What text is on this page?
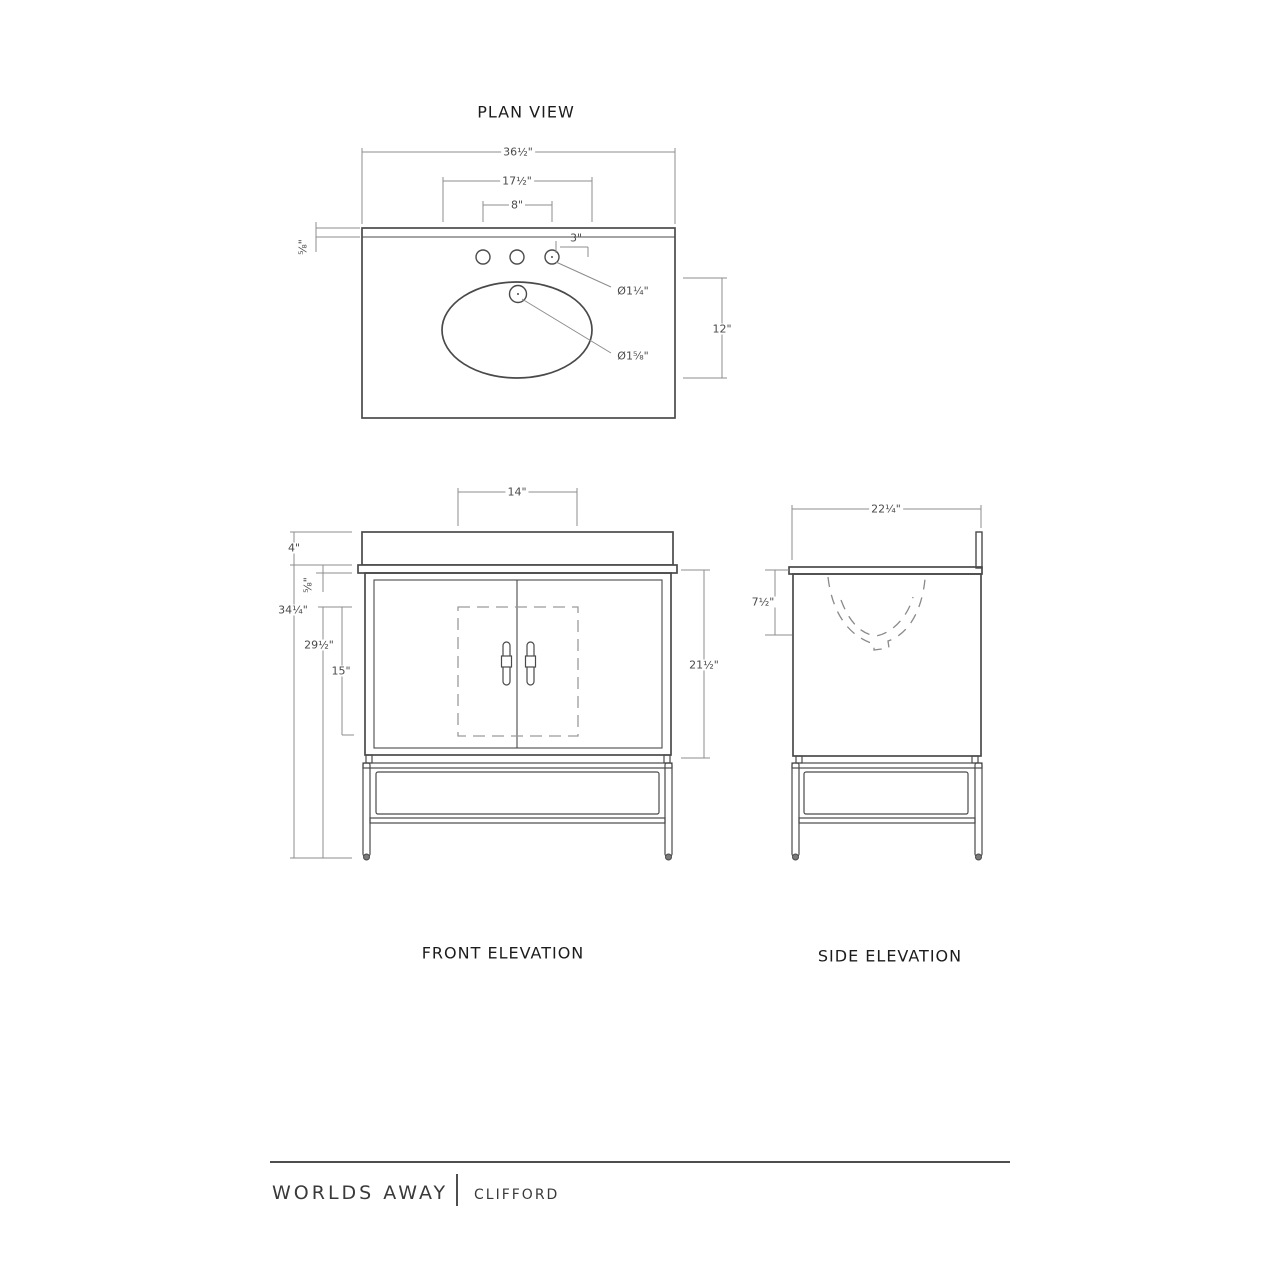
PLAN VIEW
36½"
17½"
8"
⅝"
3"
Ø1¼"
Ø1⅝"
12"
FRONT ELEVATION
14"
4"
⅝"
34¼"
29½"
15"	21½"
SIDE ELEVATION
22¼"
7½"
WORLDS AWAY CLIFFORD
